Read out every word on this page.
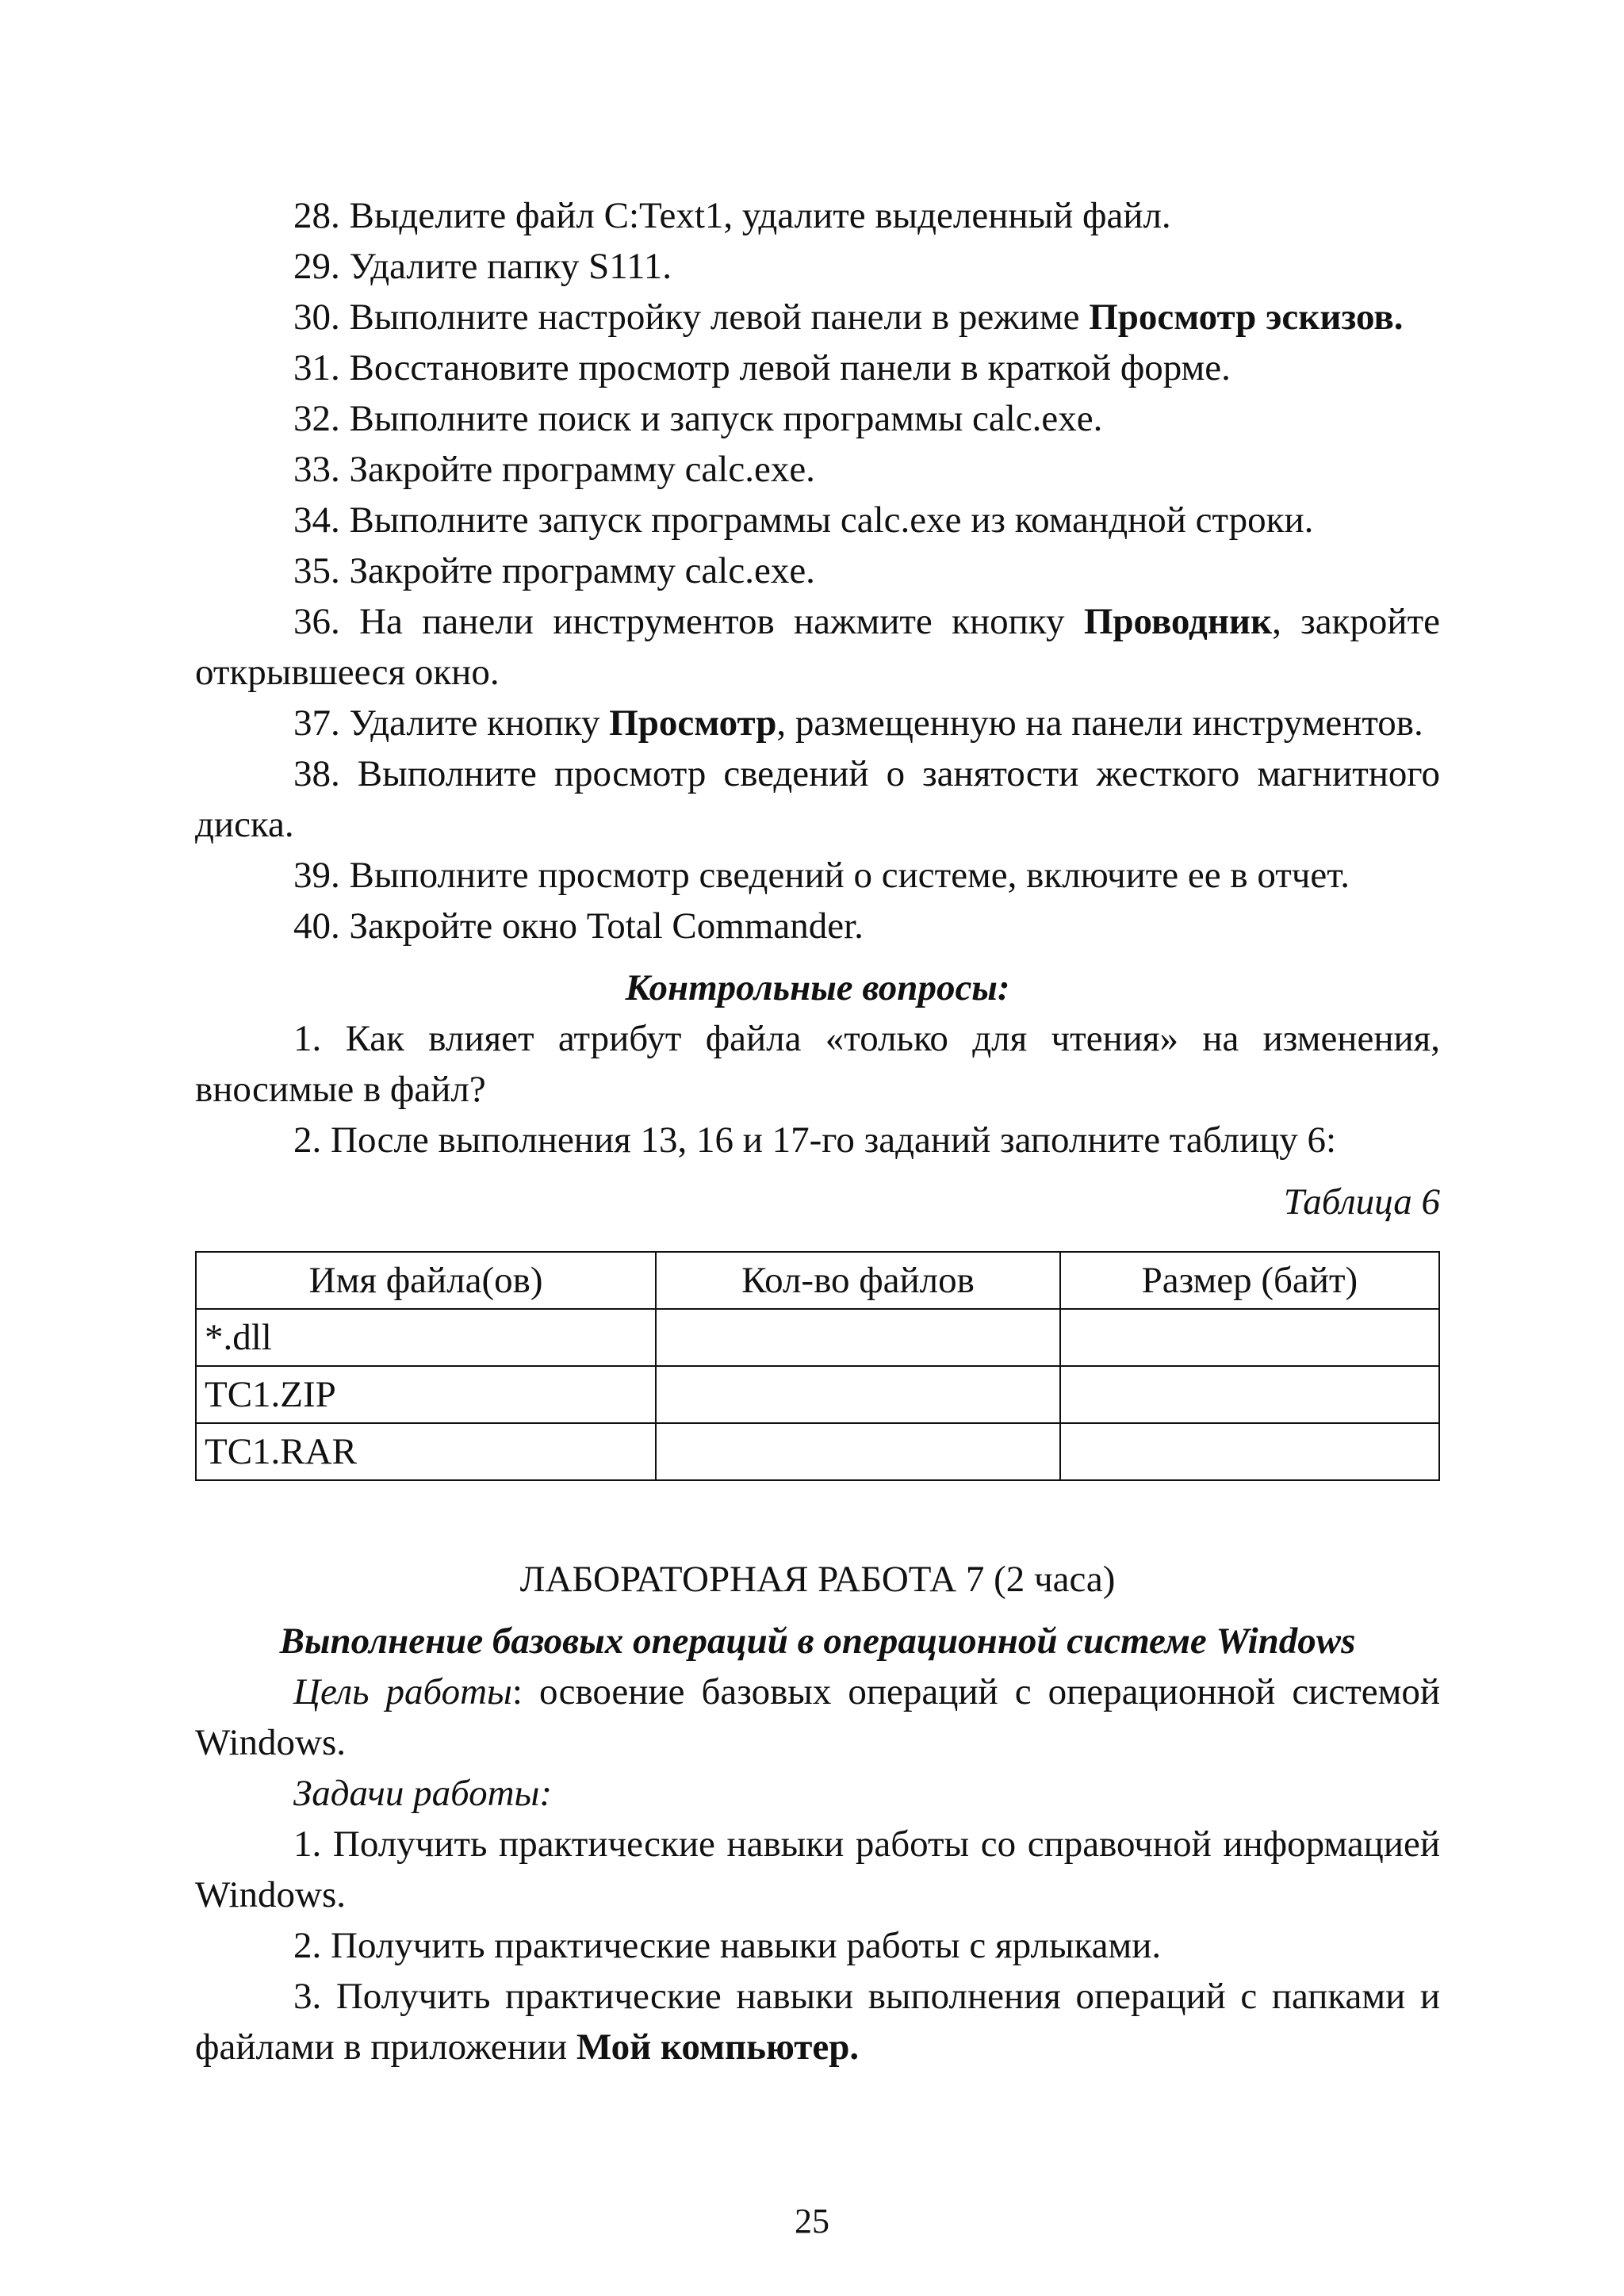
28. Выделите файл C:Text1, удалите выделенный файл.

29. Удалите папку S111.

30. Выполните настройку левой панели в режиме Просмотр эскизов.

31. Восстановите просмотр левой панели в краткой форме.

32. Выполните поиск и запуск программы calc.exe.

33. Закройте программу calc.exe.

34. Выполните запуск программы calc.exe из командной строки.

35. Закройте программу calc.exe.

36. На панели инструментов нажмите кнопку Проводник, закройте открывшееся окно.

37. Удалите кнопку Просмотр, размещенную на панели инструментов.

38. Выполните просмотр сведений о занятости жесткого магнитного диска.

39. Выполните просмотр сведений о системе, включите ее в отчет.

40. Закройте окно Total Commander.

Контрольные вопросы:

1. Как влияет атрибут файла «только для чтения» на изменения, вносимые в файл?

2. После выполнения 13, 16 и 17-го заданий заполните таблицу 6:

Таблица 6

Имя файла(ов)	Кол-во файлов	Размер (байт)
*.dll		
TC1.ZIP		
TC1.RAR		

ЛАБОРАТОРНАЯ РАБОТА 7 (2 часа)

Выполнение базовых операций в операционной системе Windows

Цель работы: освоение базовых операций с операционной системой Windows.

Задачи работы:

1. Получить практические навыки работы со справочной информацией Windows.

2. Получить практические навыки работы с ярлыками.

3. Получить практические навыки выполнения операций с папками и файлами в приложении Мой компьютер.

25
